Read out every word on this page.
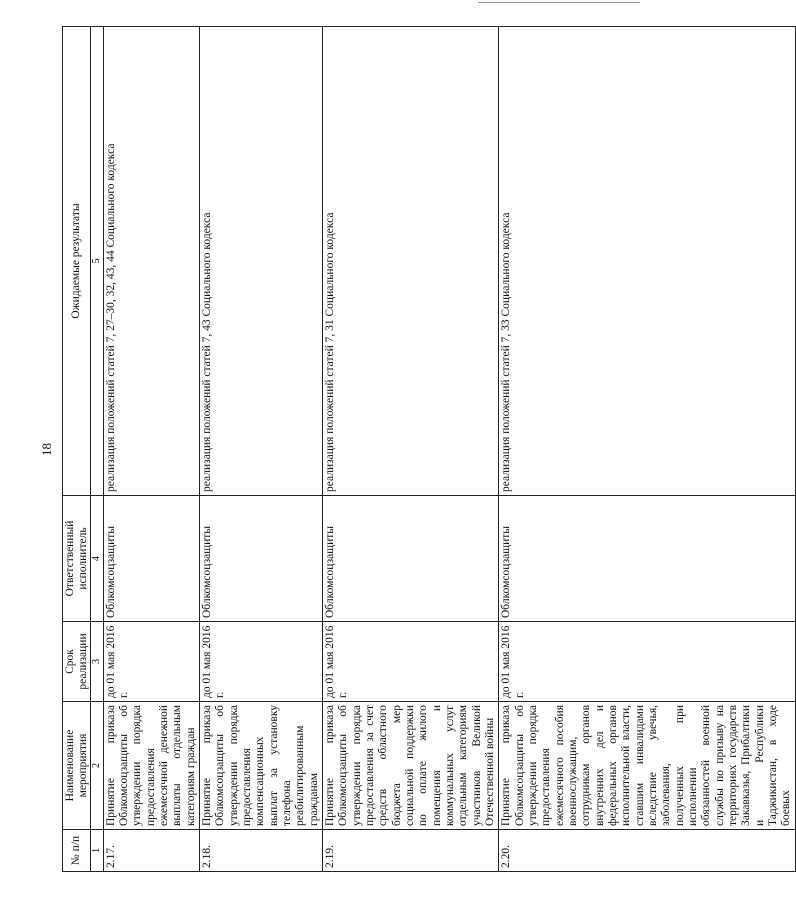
18
№ п/п	Наименование мероприятия	Срок реализации	Ответственный исполнитель	Ожидаемые результаты
1	2	3	4	5
2.17.	Принятие приказа Облкомсоцзащиты об утверждении порядка предоставления ежемесячной денежной выплаты отдельным категориям граждан	до 01 мая 2016 г.	Облкомсоцзащиты	реализация положений статей 7, 27–30, 32, 43, 44 Социального кодекса
2.18.	Принятие приказа Облкомсоцзащиты об утверждении порядка предоставления компенсационных выплат за установку телефона реабилитированным гражданам	до 01 мая 2016 г.	Облкомсоцзащиты	реализация положений статей 7, 43 Социального кодекса
2.19.	Принятие приказа Облкомсоцзащиты об утверждении порядка предоставления за счет средств областного бюджета мер социальной поддержки по оплате жилого помещения и коммунальных услуг отдельным категориям участников Великой Отечественной войны	до 01 мая 2016 г.	Облкомсоцзащиты	реализация положений статей 7, 31 Социального кодекса
2.20.	Принятие приказа Облкомсоцзащиты об утверждении порядка предоставления ежемесячного пособия военнослужащим, сотрудникам органов внутренних дел и федеральных органов исполнительной власти, ставшим инвалидами вследствие увечья, заболевания, полученных при исполнении обязанностей военной службы по призыву на территориях государств Закавказья, Прибалтики и Республики Таджикистан, в ходе боевых	до 01 мая 2016 г.	Облкомсоцзащиты	реализация положений статей 7, 33 Социального кодекса
